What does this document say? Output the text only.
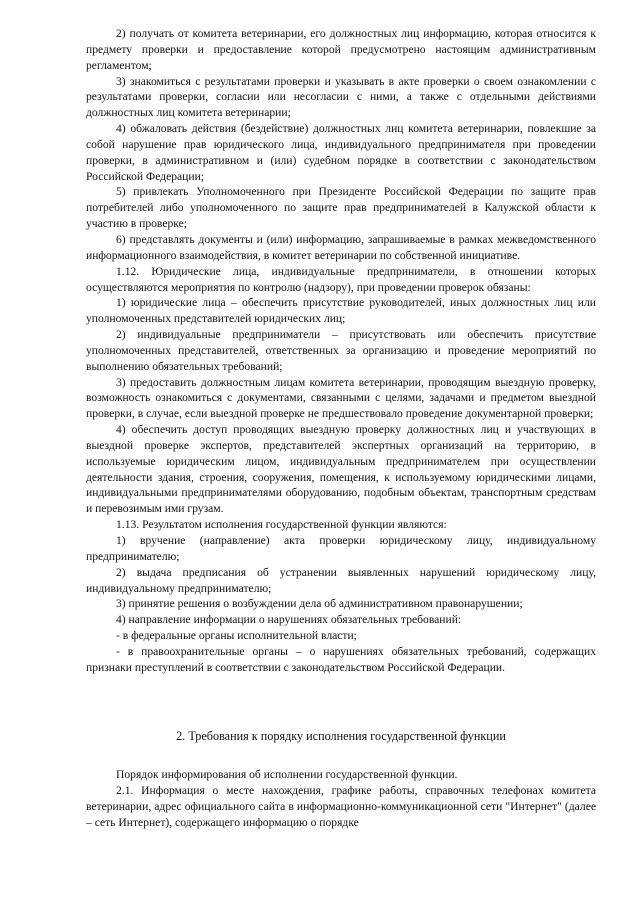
2) получать от комитета ветеринарии, его должностных лиц информацию, которая относится к предмету проверки и предоставление которой предусмотрено настоящим административным регламентом;

3) знакомиться с результатами проверки и указывать в акте проверки о своем ознакомлении с результатами проверки, согласии или несогласии с ними, а также с отдельными действиями должностных лиц комитета ветеринарии;

4) обжаловать действия (бездействие) должностных лиц комитета ветеринарии, повлекшие за собой нарушение прав юридического лица, индивидуального предпринимателя при проведении проверки, в административном и (или) судебном порядке в соответствии с законодательством Российской Федерации;

5) привлекать Уполномоченного при Президенте Российской Федерации по защите прав потребителей либо уполномоченного по защите прав предпринимателей в Калужской области к участию в проверке;

6) представлять документы и (или) информацию, запрашиваемые в рамках межведомственного информационного взаимодействия, в комитет ветеринарии по собственной инициативе.

1.12. Юридические лица, индивидуальные предприниматели, в отношении которых осуществляются мероприятия по контролю (надзору), при проведении проверок обязаны:

1) юридические лица – обеспечить присутствие руководителей, иных должностных лиц или уполномоченных представителей юридических лиц;

2) индивидуальные предприниматели – присутствовать или обеспечить присутствие уполномоченных представителей, ответственных за организацию и проведение мероприятий по выполнению обязательных требований;

3) предоставить должностным лицам комитета ветеринарии, проводящим выездную проверку, возможность ознакомиться с документами, связанными с целями, задачами и предметом выездной проверки, в случае, если выездной проверке не предшествовало проведение документарной проверки;

4) обеспечить доступ проводящих выездную проверку должностных лиц и участвующих в выездной проверке экспертов, представителей экспертных организаций на территорию, в используемые юридическим лицом, индивидуальным предпринимателем при осуществлении деятельности здания, строения, сооружения, помещения, к используемому юридическими лицами, индивидуальными предпринимателями оборудованию, подобным объектам, транспортным средствам и перевозимым ими грузам.

1.13. Результатом исполнения государственной функции являются:

1) вручение (направление) акта проверки юридическому лицу, индивидуальному предпринимателю;

2) выдача предписания об устранении выявленных нарушений юридическому лицу, индивидуальному предпринимателю;

3) принятие решения о возбуждении дела об административном правонарушении;

4) направление информации о нарушениях обязательных требований:

- в федеральные органы исполнительной власти;

- в правоохранительные органы – о нарушениях обязательных требований, содержащих признаки преступлений в соответствии с законодательством Российской Федерации.

2. Требования к порядку исполнения государственной функции

Порядок информирования об исполнении государственной функции.

2.1. Информация о месте нахождения, графике работы, справочных телефонах комитета ветеринарии, адрес официального сайта в информационно-коммуникационной сети "Интернет" (далее – сеть Интернет), содержащего информацию о порядке
